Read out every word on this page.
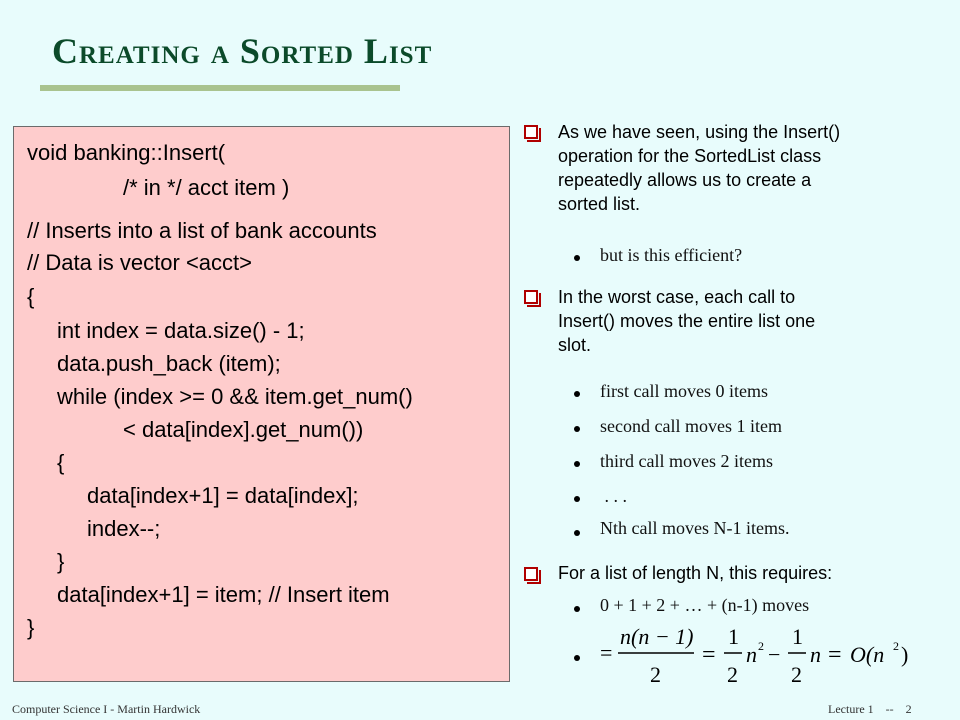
Creating a Sorted List
void banking::Insert(
/* in */ acct item )
// Inserts into a list of bank accounts
// Data is vector <acct>
{
int index = data.size() - 1;
data.push_back (item);
while (index >= 0 && item.get_num()
< data[index].get_num())
{
data[index+1] = data[index];
index--;
}
data[index+1] = item; // Insert item
}
As we have seen, using the Insert()
operation for the SortedList class
repeatedly allows us to create a
sorted list.
but is this efficient?
In the worst case, each call to
Insert() moves the entire list one
slot.
first call moves 0 items
second call moves 1 item
third call moves 2 items
. . .
Nth call moves N-1 items.
For a list of length N, this requires:
0 + 1 + 2 + … + (n-1) moves
=
n(n − 1)
2
=
1
2
n 2 −
1
2
n = O(n 2 )
Computer Science I - Martin Hardwick	Lecture 1    --    2
